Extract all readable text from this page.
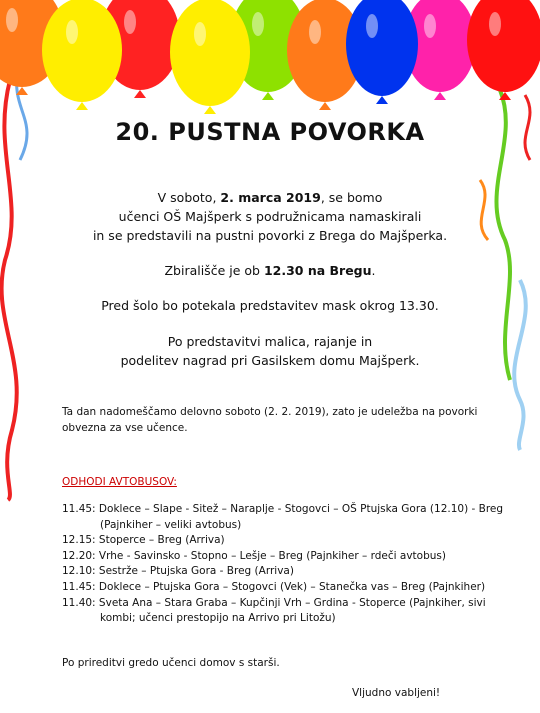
20. PUSTNA POVORKA

V soboto, 2. marca 2019, se bomo

učenci OŠ Majšperk s podružnicama namaskirali

in se predstavili na pustni povorki z Brega do Majšperka.

Zbirališče je ob 12.30 na Bregu.

Pred šolo bo potekala predstavitev mask okrog 13.30.

Po predstavitvi malica, rajanje in

podelitev nagrad pri Gasilskem domu Majšperk.

Ta dan nadomeščamo delovno soboto (2. 2. 2019), zato je udeležba na povorki

obvezna za vse učence.

ODHODI AVTOBUSOV:
11.45: Doklece – Slape - Sitež – Naraplje - Stogovci – OŠ Ptujska Gora (12.10) - Breg (Pajnkiher – veliki avtobus)
12.15: Stoperce – Breg (Arriva)
12.20: Vrhe - Savinsko - Stopno – Lešje – Breg (Pajnkiher – rdeči avtobus)
12.10: Sestrže – Ptujska Gora - Breg (Arriva)
11.45: Doklece – Ptujska Gora – Stogovci (Vek) – Stanečka vas – Breg (Pajnkiher)
11.40: Sveta Ana – Stara Graba – Kupčinji Vrh – Grdina - Stoperce (Pajnkiher, sivi kombi; učenci prestopijo na Arrivo pri Litožu)
Po prireditvi gredo učenci domov s starši.
Vljudno vabljeni!
